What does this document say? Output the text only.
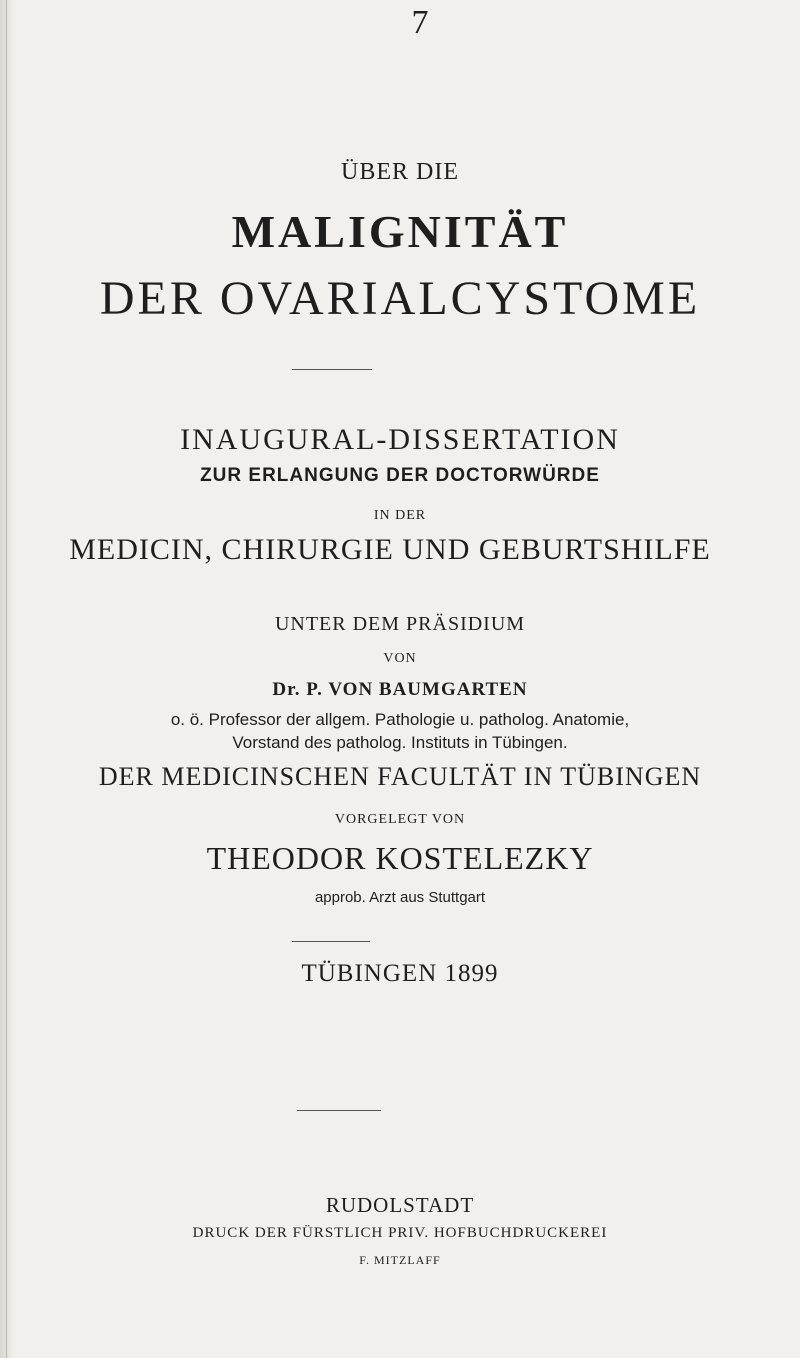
7
ÜBER DIE
MALIGNITÄT
DER OVARIALCYSTOME
INAUGURAL-DISSERTATION
ZUR ERLANGUNG DER DOCTORWÜRDE
IN DER
MEDICIN, CHIRURGIE UND GEBURTSHILFE
UNTER DEM PRÄSIDIUM
VON
Dr. P. VON BAUMGARTEN
o. ö. Professor der allgem. Pathologie u. patholog. Anatomie,
Vorstand des patholog. Instituts in Tübingen.
DER MEDICINSCHEN FACULTÄT IN TÜBINGEN
VORGELEGT VON
THEODOR KOSTELEZKY
approb. Arzt aus Stuttgart
TÜBINGEN 1899
RUDOLSTADT
DRUCK DER FÜRSTLICH PRIV. HOFBUCHDRUCKEREI
F. MITZLAFF
